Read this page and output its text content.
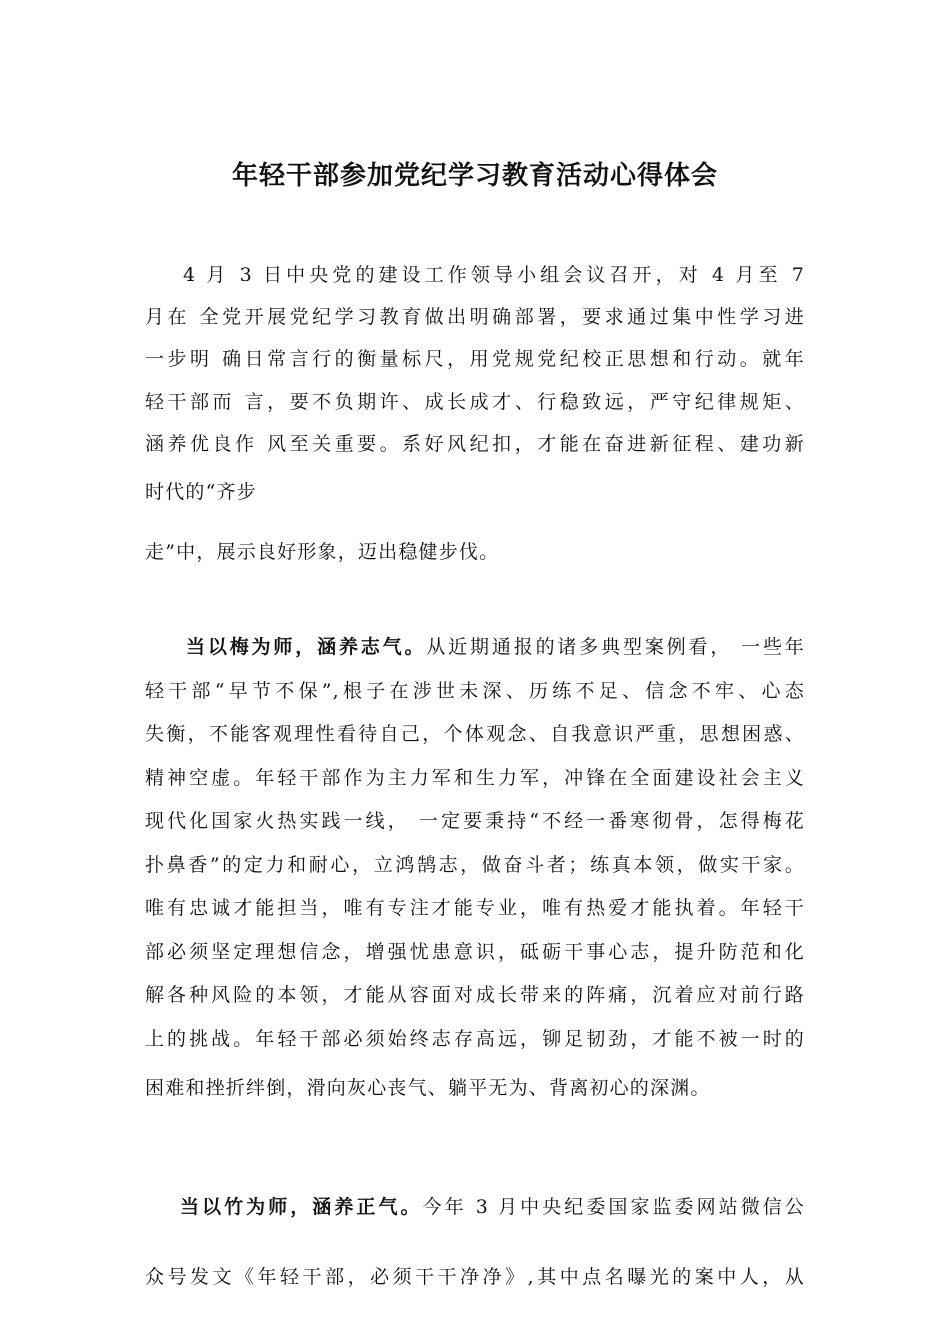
年轻干部参加党纪学习教育活动心得体会
4 月 3 日中央党的建设工作领导小组会议召开，对 4 月至 7
月在 全党开展党纪学习教育做出明确部署，要求通过集中性学习进
一步明 确日常言行的衡量标尺，用党规党纪校正思想和行动。就年
轻干部而 言，要不负期许、成长成才、行稳致远，严守纪律规矩、
涵养优良作 风至关重要。系好风纪扣，才能在奋进新征程、建功新
时代的“齐步
走”中，展示良好形象，迈出稳健步伐。
当以梅为师，涵养志气。从近期通报的诸多典型案例看， 一些年
轻干部“早节不保”,根子在涉世未深、历练不足、信念不牢、心态
失衡，不能客观理性看待自己，个体观念、自我意识严重，思想困惑、
精神空虚。年轻干部作为主力军和生力军，冲锋在全面建设社会主义
现代化国家火热实践一线， 一定要秉持“不经一番寒彻骨，怎得梅花
扑鼻香”的定力和耐心，立鸿鹄志，做奋斗者；练真本领，做实干家。
唯有忠诚才能担当，唯有专注才能专业，唯有热爱才能执着。年轻干
部必须坚定理想信念，增强忧患意识，砥砺干事心志，提升防范和化
解各种风险的本领，才能从容面对成长带来的阵痛，沉着应对前行路
上的挑战。年轻干部必须始终志存高远，铆足韧劲，才能不被一时的
困难和挫折绊倒，滑向灰心丧气、躺平无为、背离初心的深渊。
当以竹为师，涵养正气。今年 3 月中央纪委国家监委网站微信公
众号发文《年轻干部，必须干干净净》,其中点名曝光的案中人，从
